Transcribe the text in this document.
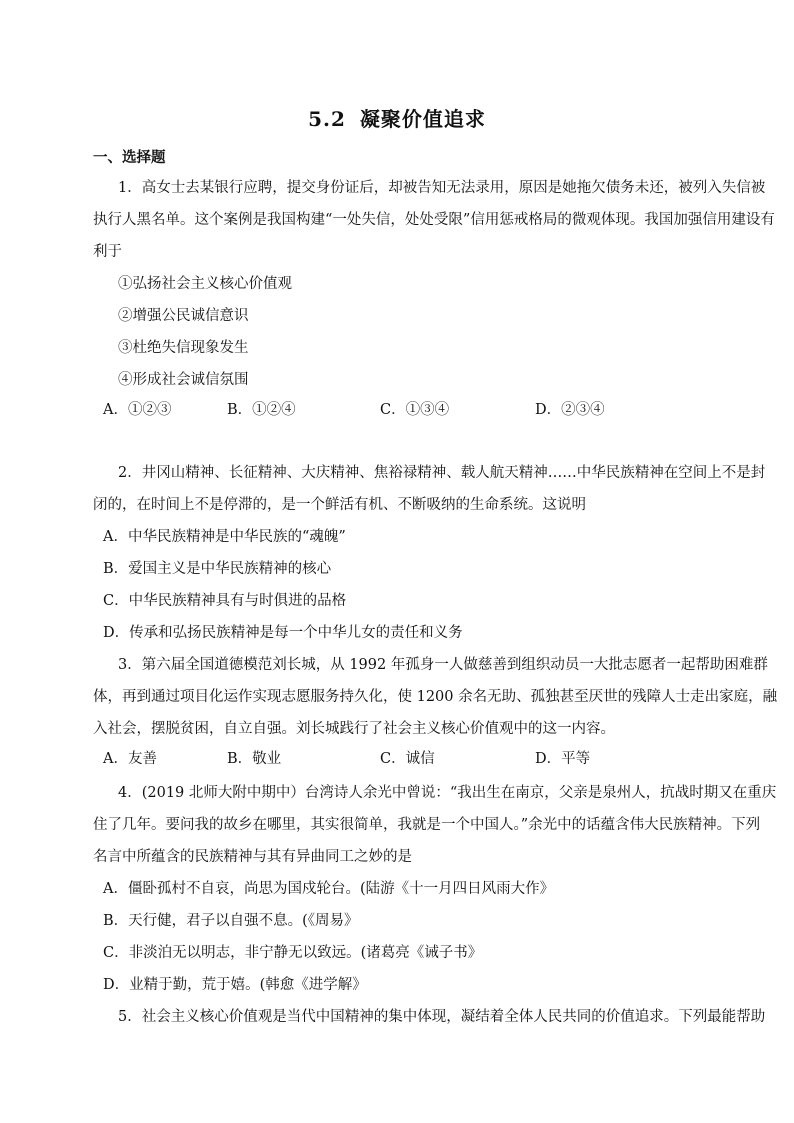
5.2 凝聚价值追求
一、选择题
1．高女士去某银行应聘，提交身份证后，却被告知无法录用，原因是她拖欠债务未还，被列入失信被
执行人黑名单。这个案例是我国构建“一处失信，处处受限”信用惩戒格局的微观体现。我国加强信用建设有
利于
①弘扬社会主义核心价值观
②增强公民诚信意识
③杜绝失信现象发生
④形成社会诚信氛围
A．①②③	B．①②④	C．①③④	D．②③④
2．井冈山精神、长征精神、大庆精神、焦裕禄精神、载人航天精神……中华民族精神在空间上不是封
闭的，在时间上不是停滞的，是一个鲜活有机、不断吸纳的生命系统。这说明
A．中华民族精神是中华民族的“魂魄”
B．爱国主义是中华民族精神的核心
C．中华民族精神具有与时俱进的品格
D．传承和弘扬民族精神是每一个中华儿女的责任和义务
3．第六届全国道德模范刘长城，从 1992 年孤身一人做慈善到组织动员一大批志愿者一起帮助困难群
体，再到通过项目化运作实现志愿服务持久化，使 1200 余名无助、孤独甚至厌世的残障人士走出家庭，融
入社会，摆脱贫困，自立自强。刘长城践行了社会主义核心价值观中的这一内容。
A．友善	B．敬业	C．诚信	D．平等
4．(2019 北师大附中期中）台湾诗人余光中曾说：“我出生在南京，父亲是泉州人，抗战时期又在重庆
住了几年。要问我的故乡在哪里，其实很简单，我就是一个中国人。”余光中的话蕴含伟大民族精神。下列
名言中所蕴含的民族精神与其有异曲同工之妙的是
A．僵卧孤村不自哀，尚思为国戍轮台。(陆游《十一月四日风雨大作》
B．天行健，君子以自强不息。(《周易》
C．非淡泊无以明志，非宁静无以致远。(诸葛亮《诫子书》
D．业精于勤，荒于嬉。(韩愈《进学解》
5．社会主义核心价值观是当代中国精神的集中体现，凝结着全体人民共同的价值追求。下列最能帮助
